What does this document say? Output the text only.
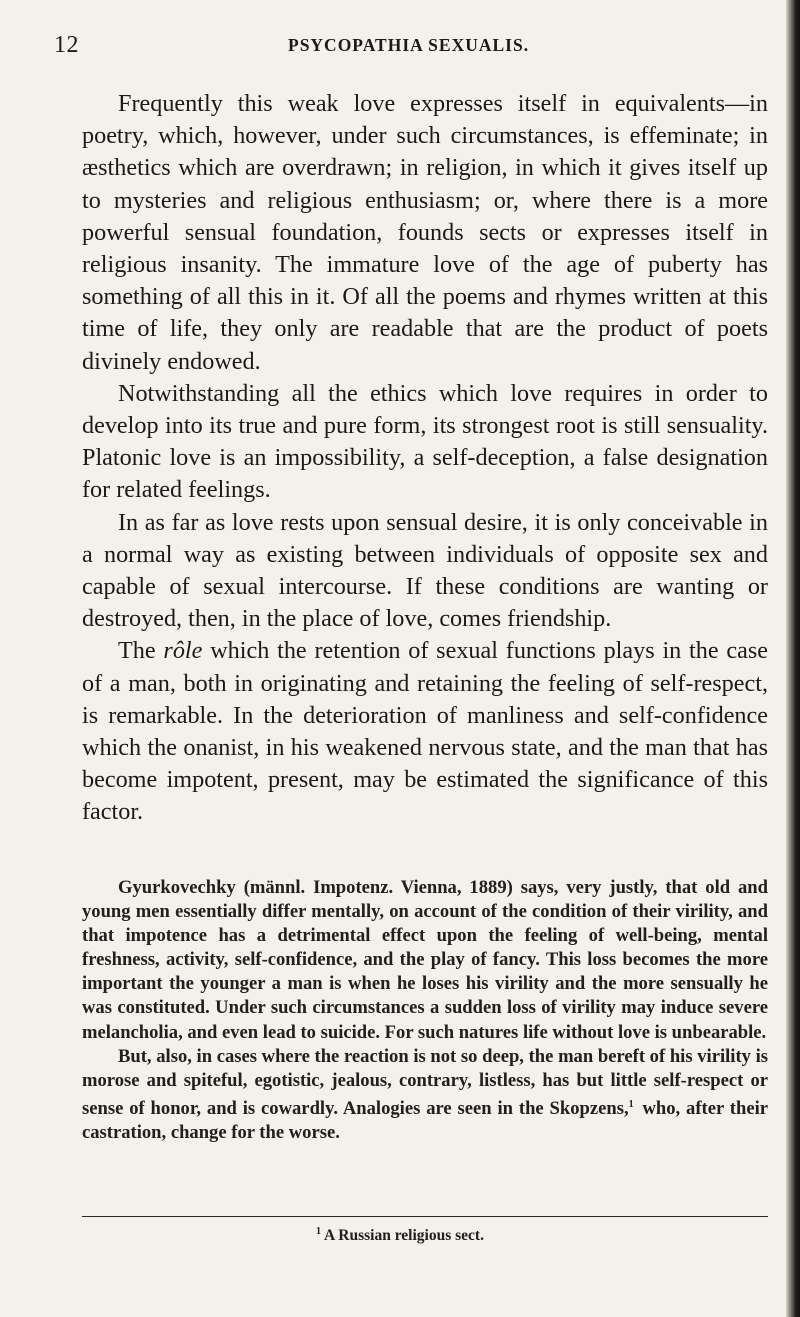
12	PSYCOPATHIA SEXUALIS.

Frequently this weak love expresses itself in equivalents—in poetry, which, however, under such circumstances, is effeminate; in æsthetics which are overdrawn; in religion, in which it gives itself up to mysteries and religious enthusiasm; or, where there is a more powerful sensual foundation, founds sects or expresses itself in religious insanity. The immature love of the age of puberty has something of all this in it. Of all the poems and rhymes written at this time of life, they only are readable that are the product of poets divinely endowed.

Notwithstanding all the ethics which love requires in order to develop into its true and pure form, its strongest root is still sensuality. Platonic love is an impossibility, a self-deception, a false designation for related feelings.

In as far as love rests upon sensual desire, it is only conceivable in a normal way as existing between individuals of opposite sex and capable of sexual intercourse. If these conditions are wanting or destroyed, then, in the place of love, comes friendship.

The rôle which the retention of sexual functions plays in the case of a man, both in originating and retaining the feeling of self-respect, is remarkable. In the deterioration of manliness and self-confidence which the onanist, in his weakened nervous state, and the man that has become impotent, present, may be estimated the significance of this factor.

Gyurkovechky (männl. Impotenz. Vienna, 1889) says, very justly, that old and young men essentially differ mentally, on account of the condition of their virility, and that impotence has a detrimental effect upon the feeling of well-being, mental freshness, activity, self-confidence, and the play of fancy. This loss becomes the more important the younger a man is when he loses his virility and the more sensually he was constituted. Under such circumstances a sudden loss of virility may induce severe melancholia, and even lead to suicide. For such natures life without love is unbearable.

But, also, in cases where the reaction is not so deep, the man bereft of his virility is morose and spiteful, egotistic, jealous, contrary, listless, has but little self-respect or sense of honor, and is cowardly. Analogies are seen in the Skopzens,$^1$ who, after their castration, change for the worse.

$^1$ A Russian religious sect.
